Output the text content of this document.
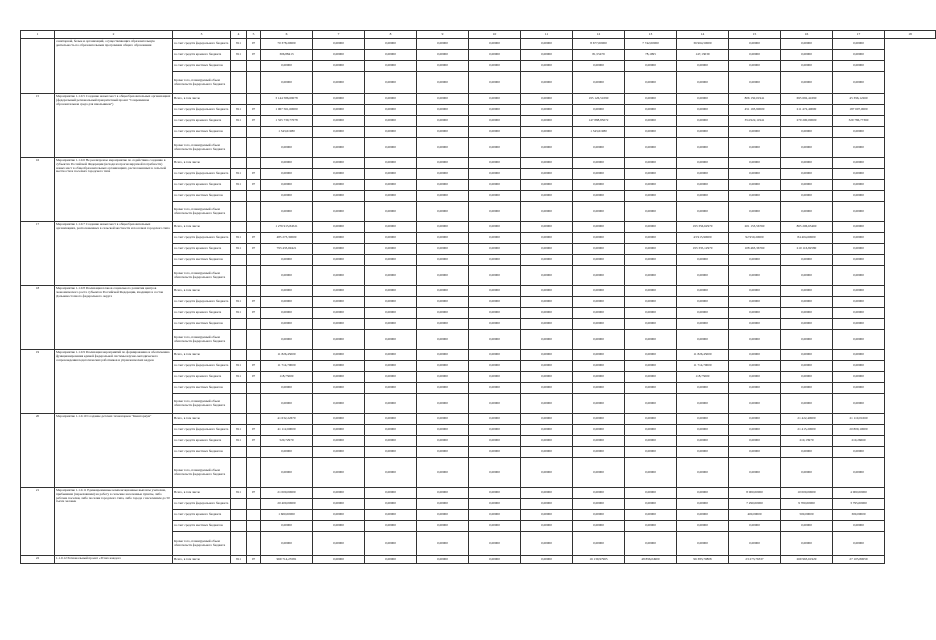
1	2	3	4	5	6	7	8	9	10	11	12	13	14	15	16	17	18
	санитарной, белые и организаций, осуществляющих образовательную деятельность по образовательным программам общего образования	за счет средств федерального бюджета	811	07	70 378,20000	0,00000	0,00000	0,00000	0,00000	0,00000	8 677,00000	7 742,00000	36 964,50000	0,00000	0,00000	0,00000	
		за счет средств краевого бюджета	811	07	306,88413	0,00000	0,00000	0,00000	0,00000	0,00000	81,55479	78,1995	147,13039	0,00000	0,00000	0,00000	
		за счет средств местных бюджетов			0,00000	0,00000	0,00000	0,00000	0,00000	0,00000	0,00000	0,00000	0,00000	0,00000	0,00000	0,00000	
		Кроме того, планируемый объем обязательств федерального бюджета			0,00000	0,00000	0,00000	0,00000	0,00000	0,00000	0,00000	0,00000	0,00000	0,00000	0,00000	0,00000	
15	Мероприятие 1.1.0.5 Создание новых мест в общеобразовательных организациях (федеральный региональный приоритетный проект "Современная образовательная среда для школьников")	Всего, в том числе			3 144 586,69078	0,00000	0,00000	0,00000	0,00000	0,00000	195 126,51090	0,00000	0,00000	806 150,01941	695 692,41690	45 396,12260	
		за счет средств федерального бюджета	811	07	1 067 561,60000	0,00000	0,00000	0,00000	0,00000	0,00000	0,00000	0,00000	0,00000	451 193,90000	211 472,40000	187 607,0000	
		за счет средств краевого бюджета	811	07	1 325 739,77078	0,00000	0,00000	0,00000	0,00000	0,00000	147 888,85072	0,00000	0,00000	354 922,11941	270 200,00000	329 786,77360	
		за счет средств местных бюджетов			1 343,61980	0,00000	0,00000	0,00000	0,00000	0,00000	1 343,61980	0,00000	0,00000	0,00000	0,00000	0,00000	
		Кроме того, планируемый объем обязательств федерального бюджета			0,00000	0,00000	0,00000	0,00000	0,00000	0,00000	0,00000	0,00000	0,00000	0,00000	0,00000	0,00000	
16	Мероприятие 1.1.0.6 Не реализуемое мероприятие по содействию созданию в субъектах Российской Федерации (исходя из прогнозируемой потребности) новых мест в общеобразовательных организациях, расположенных в сельской местности и поселках городского типа	Всего, в том числе			0,00000	0,00000	0,00000	0,00000	0,00000	0,00000	0,00000	0,00000	0,00000	0,00000	0,00000	0,00000	
		за счет средств федерального бюджета	811	07	0,00000	0,00000	0,00000	0,00000	0,00000	0,00000	0,00000	0,00000	0,00000	0,00000	0,00000	0,00000	
		за счет средств краевого бюджета	811	07	0,00000	0,00000	0,00000	0,00000	0,00000	0,00000	0,00000	0,00000	0,00000	0,00000	0,00000	0,00000	
		за счет средств местных бюджетов			0,00000	0,00000	0,00000	0,00000	0,00000	0,00000	0,00000	0,00000	0,00000	0,00000	0,00000	0,00000	
		Кроме того, планируемый объем обязательств федерального бюджета			0,00000	0,00000	0,00000	0,00000	0,00000	0,00000	0,00000	0,00000	0,00000	0,00000	0,00000	0,00000	
17	Мероприятие 1.1.0.7 Создание новых мест в общеобразовательных организациях, расположенных в сельской местности и поселках городского типа	Всего, в том числе			1 276 915,84521	0,00000	0,00000	0,00000	0,00000	0,00000	0,00000	0,00000	193 356,62970	201 153,56760	865 206,63460	0,00000	
		за счет средств федерального бюджета	811	07	485 273,30000	0,00000	0,00000	0,00000	0,00000	0,00000	0,00000	0,00000	43 915,90000	92 950,20000	84 404,60000	0,00000	
		за счет средств краевого бюджета	811	07	793 433,69421	0,00000	0,00000	0,00000	0,00000	0,00000	0,00000	0,00000	193 335,12970	108 463,36760	210 116,82580	0,00000	
		за счет средств местных бюджетов			0,00000	0,00000	0,00000	0,00000	0,00000	0,00000	0,00000	0,00000	0,00000	0,00000	0,00000	0,00000	
		Кроме того, планируемый объем обязательств федерального бюджета			0,00000	0,00000	0,00000	0,00000	0,00000	0,00000	0,00000	0,00000	0,00000	0,00000	0,00000	0,00000	
18	Мероприятие 1.1.0.8 Реализация планов социального развития центров экономического роста субъектов Российской Федерации, входящих в состав Дальневосточного федерального округа	Всего, в том числе			0,00000	0,00000	0,00000	0,00000	0,00000	0,00000	0,00000	0,00000	0,00000	0,00000	0,00000	0,00000	
		за счет средств федерального бюджета	811	07	0,00000	0,00000	0,00000	0,00000	0,00000	0,00000	0,00000	0,00000	0,00000	0,00000	0,00000	0,00000	
		за счет средств краевого бюджета	811	07	0,00000	0,00000	0,00000	0,00000	0,00000	0,00000	0,00000	0,00000	0,00000	0,00000	0,00000	0,00000	
		за счет средств местных бюджетов			0,00000	0,00000	0,00000	0,00000	0,00000	0,00000	0,00000	0,00000	0,00000	0,00000	0,00000	0,00000	
		Кроме того, планируемый объем обязательств федерального бюджета			0,00000	0,00000	0,00000	0,00000	0,00000	0,00000	0,00000	0,00000	0,00000	0,00000	0,00000	0,00000	
19	Мероприятие 1.1.0.9 Реализация мероприятий по формированию и обеспечению функционирования единой федеральной системы научно-методического сопровождения педагогических работников и управленческих кадров	Всего, в том числе			11 826,45000	0,00000	0,00000	0,00000	0,00000	0,00000	0,00000	0,00000	11 826,45000	0,00000	0,00000	0,00000	
		за счет средств федерального бюджета	811	07	11 714,70000	0,00000	0,00000	0,00000	0,00000	0,00000	0,00000	0,00000	11 714,70000	0,00000	0,00000	0,00000	
		за счет средств краевого бюджета	811	07	118,75000	0,00000	0,00000	0,00000	0,00000	0,00000	0,00000	0,00000	118,75000	0,00000	0,00000	0,00000	
		за счет средств местных бюджетов			0,00000	0,00000	0,00000	0,00000	0,00000	0,00000	0,00000	0,00000	0,00000	0,00000	0,00000	0,00000	
		Кроме того, планируемый объем обязательств федерального бюджета			0,00000	0,00000	0,00000	0,00000	0,00000	0,00000	0,00000	0,00000	0,00000	0,00000	0,00000	0,00000	
20	Мероприятие 1.1.0.10 Создание детских технопарков "Кванториум"	Всего, в том числе			41 632,22670	0,00000	0,00000	0,00000	0,00000	0,00000	0,00000	0,00000	0,00000	0,00000	21 422,40000	21 110,01660	
		за счет средств федерального бюджета	811	07	41 112,60000	0,00000	0,00000	0,00000	0,00000	0,00000	0,00000	0,00000	0,00000	0,00000	21 415,20000	20 809,10000	
		за счет средств краевого бюджета	811	07	520,72970	0,00000	0,00000	0,00000	0,00000	0,00000	0,00000	0,00000	0,00000	0,00000	210,13970	210,26660	
		за счет средств местных бюджетов			0,00000	0,00000	0,00000	0,00000	0,00000	0,00000	0,00000	0,00000	0,00000	0,00000	0,00000	0,00000	
		Кроме того, планируемый объем обязательств федерального бюджета			0,00000	0,00000	0,00000	0,00000	0,00000	0,00000	0,00000	0,00000	0,00000	0,00000	0,00000	0,00000	
21	Мероприятие 1.1.0.11 Единовременные компенсационные выплаты учителям, прибывшим (переехавшим) на работу в сельские населенные пункты, либо рабочие поселки, либо поселки городского типа, либо города с населением до 50 тысяч человек	Всего, в том числе	811	07	21 000,00000	0,00000	0,00000	0,00000	0,00000	0,00000	0,00000	0,00000	0,00000	8 000,00000	10 000,00000	4 000,00000	
		за счет средств федерального бюджета			20 400,00000	0,00000	0,00000	0,00000	0,00000	0,00000	0,00000	0,00000	0,00000	7 290,00000	9 700,00000	3 795,00000	
		за счет средств краевого бюджета			1 600,00000	0,00000	0,00000	0,00000	0,00000	0,00000	0,00000	0,00000	0,00000	400,00000	500,00000	300,00000	
		за счет средств местных бюджетов			0,00000	0,00000	0,00000	0,00000	0,00000	0,00000	0,00000	0,00000	0,00000	0,00000	0,00000	0,00000	
		Кроме того, планируемый объем обязательств федерального бюджета			0,00000	0,00000	0,00000	0,00000	0,00000	0,00000	0,00000	0,00000	0,00000	0,00000	0,00000	0,00000	
22	1.1.0.12 Региональный проект «Успех каждого	Всего, в том числе	811	07	969 714,23581	0,00000	0,00000	0,00000	0,00000	0,00000	16 139,97965	48 896,04900	96 383,70808	23 273,76337	269 963,61929	27 105,80059	
